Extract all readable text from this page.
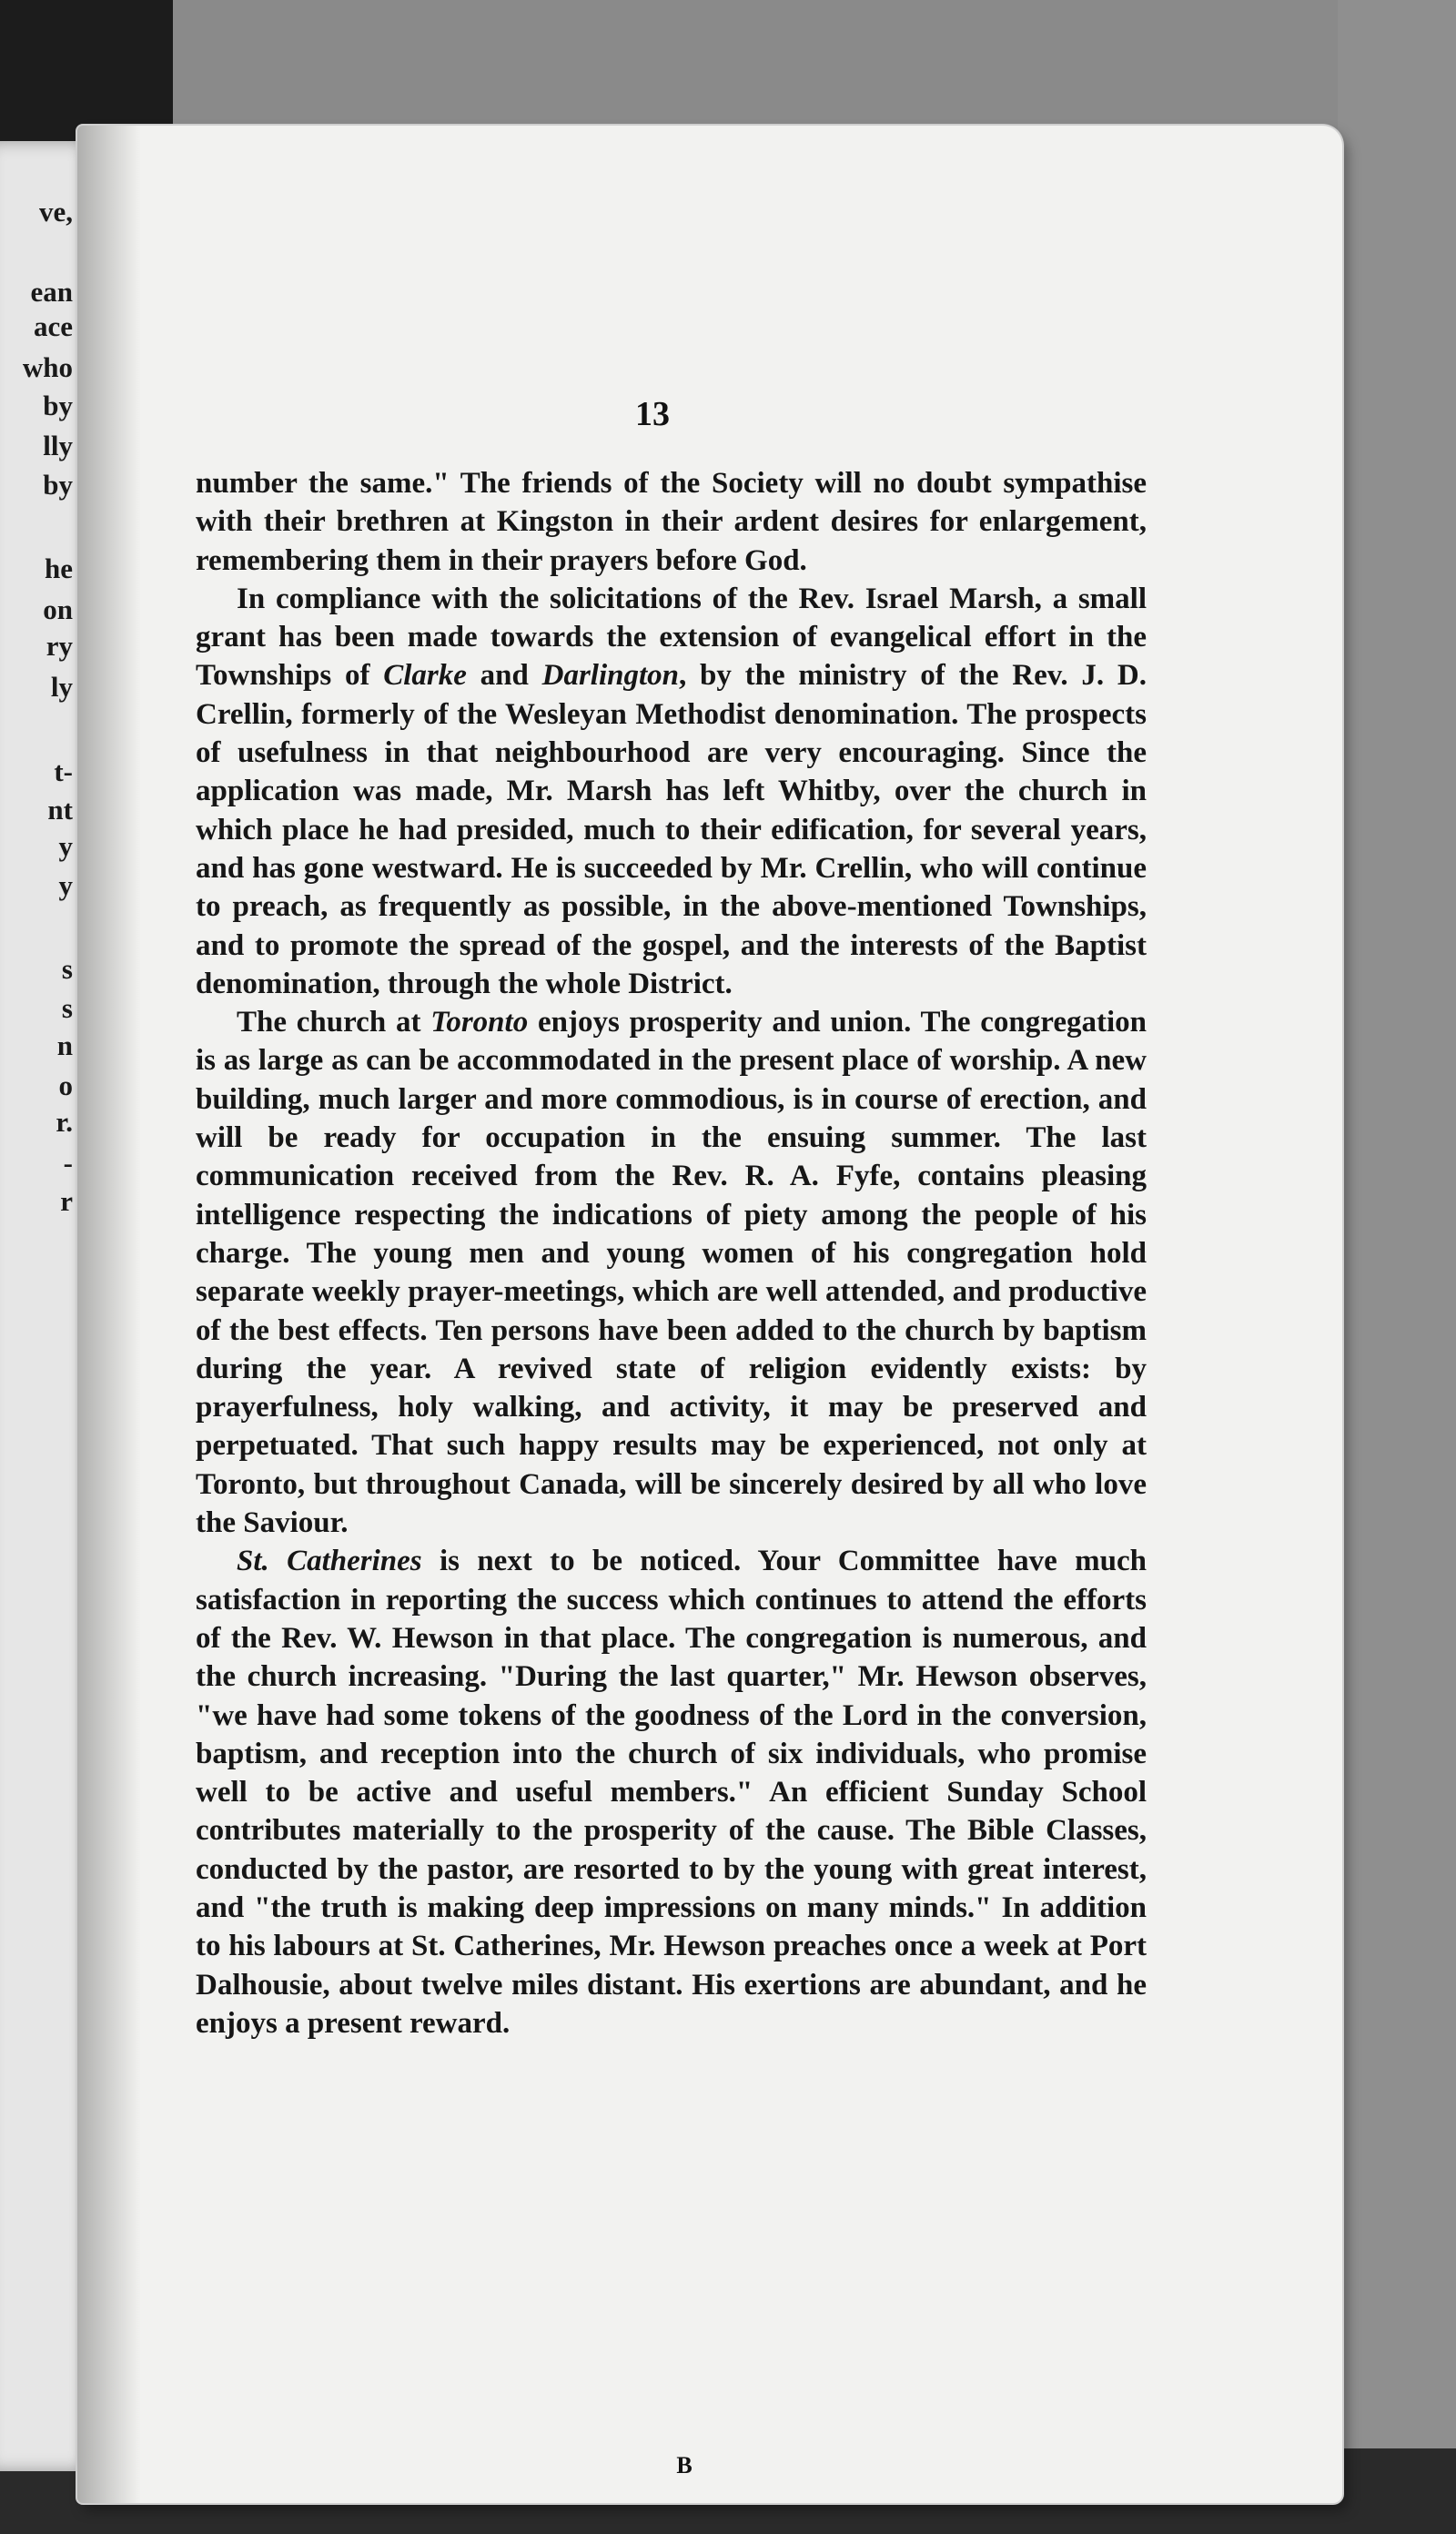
ve,
ean
ace
who
by
lly
by
he
on
ry
ly
t-
nt
y
y
s
s
n
o
r.
-
r
13

number the same." The friends of the Society will no doubt sympathise with their brethren at Kingston in their ardent desires for enlargement, remembering them in their prayers before God.

In compliance with the solicitations of the Rev. Israel Marsh, a small grant has been made towards the extension of evangelical effort in the Townships of Clarke and Darlington, by the ministry of the Rev. J. D. Crellin, formerly of the Wesleyan Methodist denomination. The prospects of usefulness in that neighbourhood are very encouraging. Since the application was made, Mr. Marsh has left Whitby, over the church in which place he had presided, much to their edification, for several years, and has gone westward. He is succeeded by Mr. Crellin, who will continue to preach, as frequently as possible, in the above-mentioned Townships, and to promote the spread of the gospel, and the interests of the Baptist denomination, through the whole District.

The church at Toronto enjoys prosperity and union. The congregation is as large as can be accommodated in the present place of worship. A new building, much larger and more commodious, is in course of erection, and will be ready for occupation in the ensuing summer. The last communication received from the Rev. R. A. Fyfe, contains pleasing intelligence respecting the indications of piety among the people of his charge. The young men and young women of his congregation hold separate weekly prayer-meetings, which are well attended, and productive of the best effects. Ten persons have been added to the church by baptism during the year. A revived state of religion evidently exists: by prayerfulness, holy walking, and activity, it may be preserved and perpetuated. That such happy results may be experienced, not only at Toronto, but throughout Canada, will be sincerely desired by all who love the Saviour.

St. Catherines is next to be noticed. Your Committee have much satisfaction in reporting the success which continues to attend the efforts of the Rev. W. Hewson in that place. The congregation is numerous, and the church increasing. "During the last quarter," Mr. Hewson observes, "we have had some tokens of the goodness of the Lord in the conversion, baptism, and reception into the church of six individuals, who promise well to be active and useful members." An efficient Sunday School contributes materially to the prosperity of the cause. The Bible Classes, conducted by the pastor, are resorted to by the young with great interest, and "the truth is making deep impressions on many minds." In addition to his labours at St. Catherines, Mr. Hewson preaches once a week at Port Dalhousie, about twelve miles distant. His exertions are abundant, and he enjoys a present reward.

B
